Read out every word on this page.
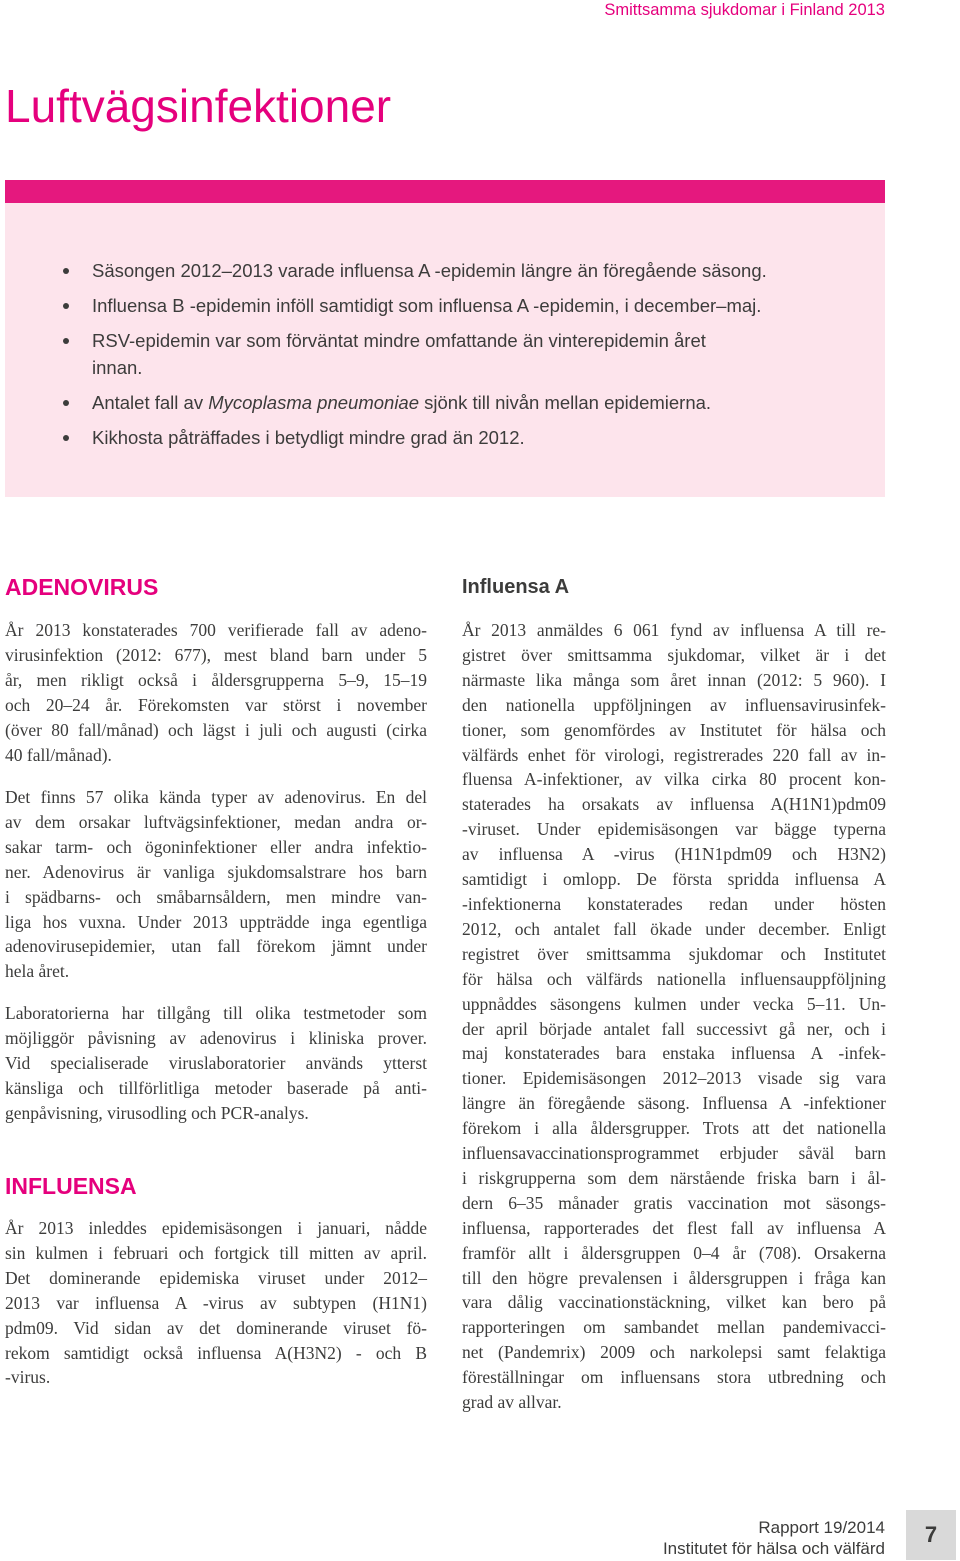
Smittsamma sjukdomar i Finland 2013
Luftvägsinfektioner
Säsongen 2012–2013 varade influensa A -epidemin längre än föregående säsong.
Influensa B -epidemin inföll samtidigt som influensa A -epidemin, i december–maj.
RSV-epidemin var som förväntat mindre omfattande än vinterepidemin året
innan.
Antalet fall av Mycoplasma pneumoniae sjönk till nivån mellan epidemierna.
Kikhosta påträffades i betydligt mindre grad än 2012.
ADENOVIRUS
År 2013 konstaterades 700 verifierade fall av adeno-
virusinfektion (2012: 677), mest bland barn under 5
år, men rikligt också i åldersgrupperna 5–9, 15–19
och 20–24 år. Förekomsten var störst i november
(över 80 fall/månad) och lägst i juli och augusti (cirka
40 fall/månad).
Det finns 57 olika kända typer av adenovirus. En del
av dem orsakar luftvägsinfektioner, medan andra or-
sakar tarm- och ögoninfektioner eller andra infektio-
ner. Adenovirus är vanliga sjukdomsalstrare hos barn
i spädbarns- och småbarnsåldern, men mindre van-
liga hos vuxna. Under 2013 uppträdde inga egentliga
adenovirusepidemier, utan fall förekom jämnt under
hela året.
Laboratorierna har tillgång till olika testmetoder som
möjliggör påvisning av adenovirus i kliniska prover.
Vid specialiserade viruslaboratorier används ytterst
känsliga och tillförlitliga metoder baserade på anti-
genpåvisning, virusodling och PCR-analys.
INFLUENSA
År 2013 inleddes epidemisäsongen i januari, nådde
sin kulmen i februari och fortgick till mitten av april.
Det dominerande epidemiska viruset under 2012–
2013 var influensa A -virus av subtypen (H1N1)
pdm09. Vid sidan av det dominerande viruset fö-
rekom samtidigt också influensa A(H3N2) - och B
-virus.
Influensa A
År 2013 anmäldes 6 061 fynd av influensa A till re-
gistret över smittsamma sjukdomar, vilket är i det
närmaste lika många som året innan (2012: 5 960). I
den nationella uppföljningen av influensavirusinfek-
tioner, som genomfördes av Institutet för hälsa och
välfärds enhet för virologi, registrerades 220 fall av in-
fluensa A-infektioner, av vilka cirka 80 procent kon-
staterades ha orsakats av influensa A(H1N1)pdm09
-viruset. Under epidemisäsongen var bägge typerna
av influensa A -virus (H1N1pdm09 och H3N2)
samtidigt i omlopp. De första spridda influensa A
-infektionerna konstaterades redan under hösten
2012, och antalet fall ökade under december. Enligt
registret över smittsamma sjukdomar och Institutet
för hälsa och välfärds nationella influensauppföljning
uppnåddes säsongens kulmen under vecka 5–11. Un-
der april började antalet fall successivt gå ner, och i
maj konstaterades bara enstaka influensa A -infek-
tioner. Epidemisäsongen 2012–2013 visade sig vara
längre än föregående säsong. Influensa A -infektioner
förekom i alla åldersgrupper. Trots att det nationella
influensavaccinationsprogrammet erbjuder såväl barn
i riskgrupperna som dem närstående friska barn i ål-
dern 6–35 månader gratis vaccination mot säsongs-
influensa, rapporterades det flest fall av influensa A
framför allt i åldersgruppen 0–4 år (708). Orsakerna
till den högre prevalensen i åldersgruppen i fråga kan
vara dålig vaccinationstäckning, vilket kan bero på
rapporteringen om sambandet mellan pandemivacci-
net (Pandemrix) 2009 och narkolepsi samt felaktiga
föreställningar om influensans stora utbredning och
grad av allvar.
Rapport 19/2014
Institutet för hälsa och välfärd
7
